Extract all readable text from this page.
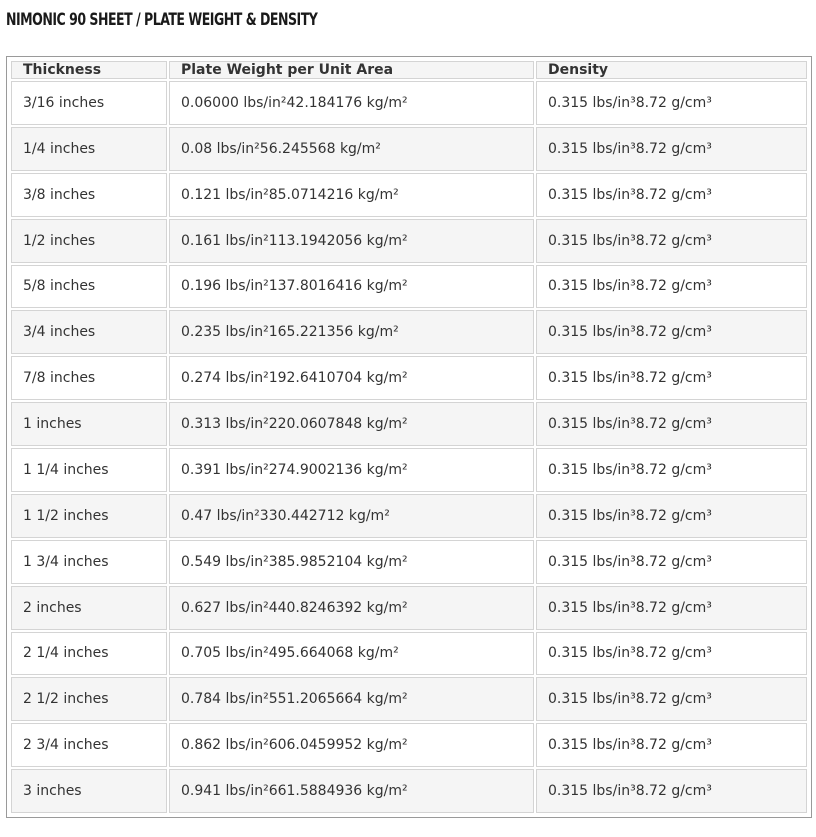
NIMONIC 90 SHEET / PLATE WEIGHT & DENSITY
Thickness	Plate Weight per Unit Area	Density
3/16 inches	0.06000 lbs/in²42.184176 kg/m²	0.315 lbs/in³8.72 g/cm³
1/4 inches	0.08 lbs/in²56.245568 kg/m²	0.315 lbs/in³8.72 g/cm³
3/8 inches	0.121 lbs/in²85.0714216 kg/m²	0.315 lbs/in³8.72 g/cm³
1/2 inches	0.161 lbs/in²113.1942056 kg/m²	0.315 lbs/in³8.72 g/cm³
5/8 inches	0.196 lbs/in²137.8016416 kg/m²	0.315 lbs/in³8.72 g/cm³
3/4 inches	0.235 lbs/in²165.221356 kg/m²	0.315 lbs/in³8.72 g/cm³
7/8 inches	0.274 lbs/in²192.6410704 kg/m²	0.315 lbs/in³8.72 g/cm³
1 inches	0.313 lbs/in²220.0607848 kg/m²	0.315 lbs/in³8.72 g/cm³
1 1/4 inches	0.391 lbs/in²274.9002136 kg/m²	0.315 lbs/in³8.72 g/cm³
1 1/2 inches	0.47 lbs/in²330.442712 kg/m²	0.315 lbs/in³8.72 g/cm³
1 3/4 inches	0.549 lbs/in²385.9852104 kg/m²	0.315 lbs/in³8.72 g/cm³
2 inches	0.627 lbs/in²440.8246392 kg/m²	0.315 lbs/in³8.72 g/cm³
2 1/4 inches	0.705 lbs/in²495.664068 kg/m²	0.315 lbs/in³8.72 g/cm³
2 1/2 inches	0.784 lbs/in²551.2065664 kg/m²	0.315 lbs/in³8.72 g/cm³
2 3/4 inches	0.862 lbs/in²606.0459952 kg/m²	0.315 lbs/in³8.72 g/cm³
3 inches	0.941 lbs/in²661.5884936 kg/m²	0.315 lbs/in³8.72 g/cm³
